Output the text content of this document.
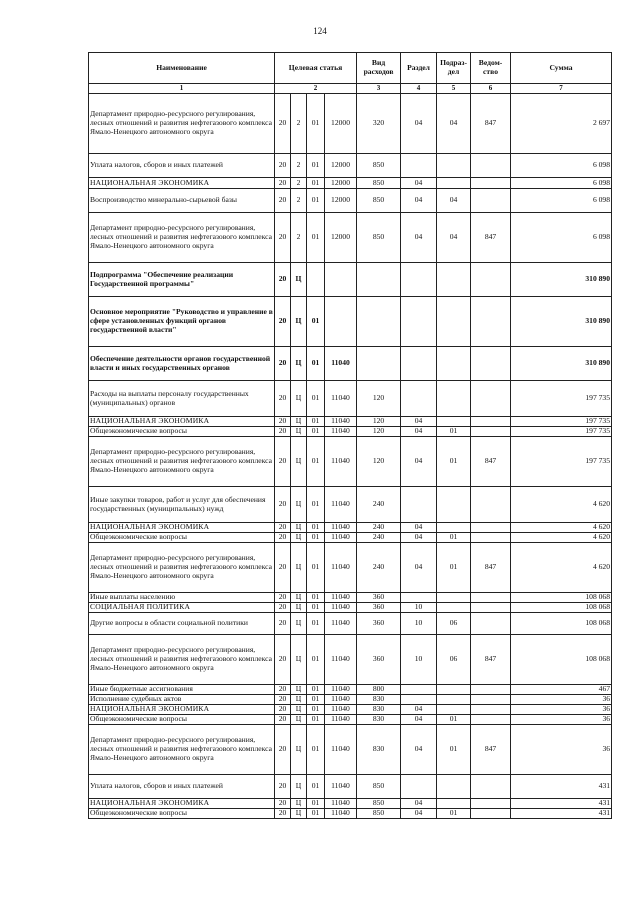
124
Наименование	Целевая статья				Вид расходов	Раздел	Подраз-дел	Ведом-ство	Сумма
1	2				3	4	5	6	7
Департамент природно-ресурсного регулирования, лесных отношений и развития нефтегазового комплекса Ямало-Ненецкого автономного округа	20	2	01	12000	320	04	04	847	2 697
Уплата налогов, сборов и иных платежей	20	2	01	12000	850				6 098
НАЦИОНАЛЬНАЯ ЭКОНОМИКА	20	2	01	12000	850	04			6 098
Воспроизводство минерально-сырьевой базы	20	2	01	12000	850	04	04		6 098
Департамент природно-ресурсного регулирования, лесных отношений и развития нефтегазового комплекса Ямало-Ненецкого автономного округа	20	2	01	12000	850	04	04	847	6 098
Подпрограмма "Обеспечение реализации Государственной программы"	20	Ц							310 890
Основное мероприятие "Руководство и управление в сфере установленных функций органов государственной власти"	20	Ц	01						310 890
Обеспечение деятельности органов государственной власти и иных государственных органов	20	Ц	01	11040					310 890
Расходы на выплаты персоналу государственных (муниципальных) органов	20	Ц	01	11040	120				197 735
НАЦИОНАЛЬНАЯ ЭКОНОМИКА	20	Ц	01	11040	120	04			197 735
Общеэкономические вопросы	20	Ц	01	11040	120	04	01		197 735
Департамент природно-ресурсного регулирования, лесных отношений и развития нефтегазового комплекса Ямало-Ненецкого автономного округа	20	Ц	01	11040	120	04	01	847	197 735
Иные закупки товаров, работ и услуг для обеспечения государственных (муниципальных) нужд	20	Ц	01	11040	240				4 620
НАЦИОНАЛЬНАЯ ЭКОНОМИКА	20	Ц	01	11040	240	04			4 620
Общеэкономические вопросы	20	Ц	01	11040	240	04	01		4 620
Департамент природно-ресурсного регулирования, лесных отношений и развития нефтегазового комплекса Ямало-Ненецкого автономного округа	20	Ц	01	11040	240	04	01	847	4 620
Иные выплаты населению	20	Ц	01	11040	360				108 068
СОЦИАЛЬНАЯ ПОЛИТИКА	20	Ц	01	11040	360	10			108 068
Другие вопросы в области социальной политики	20	Ц	01	11040	360	10	06		108 068
Департамент природно-ресурсного регулирования, лесных отношений и развития нефтегазового комплекса Ямало-Ненецкого автономного округа	20	Ц	01	11040	360	10	06	847	108 068
Иные бюджетные ассигнования	20	Ц	01	11040	800				467
Исполнение судебных актов	20	Ц	01	11040	830				36
НАЦИОНАЛЬНАЯ ЭКОНОМИКА	20	Ц	01	11040	830	04			36
Общеэкономические вопросы	20	Ц	01	11040	830	04	01		36
Департамент природно-ресурсного регулирования, лесных отношений и развития нефтегазового комплекса Ямало-Ненецкого автономного округа	20	Ц	01	11040	830	04	01	847	36
Уплата налогов, сборов и иных платежей	20	Ц	01	11040	850				431
НАЦИОНАЛЬНАЯ ЭКОНОМИКА	20	Ц	01	11040	850	04			431
Общеэкономические вопросы	20	Ц	01	11040	850	04	01		431
